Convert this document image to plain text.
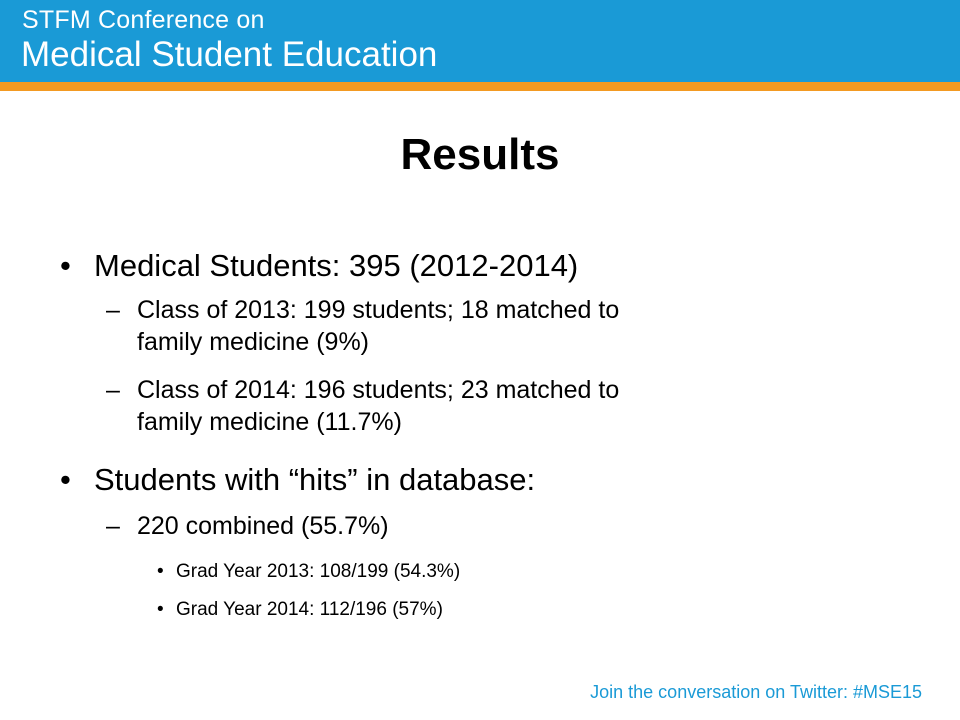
STFM Conference on
Medical Student Education
Results
• Medical Students: 395 (2012-2014)
– Class of 2013: 199 students; 18 matched to
family medicine (9%)
– Class of 2014: 196 students; 23 matched to
family medicine (11.7%)
• Students with “hits” in database:
– 220 combined (55.7%)
• Grad Year 2013: 108/199 (54.3%)
• Grad Year 2014: 112/196 (57%)
Join the conversation on Twitter: #MSE15
